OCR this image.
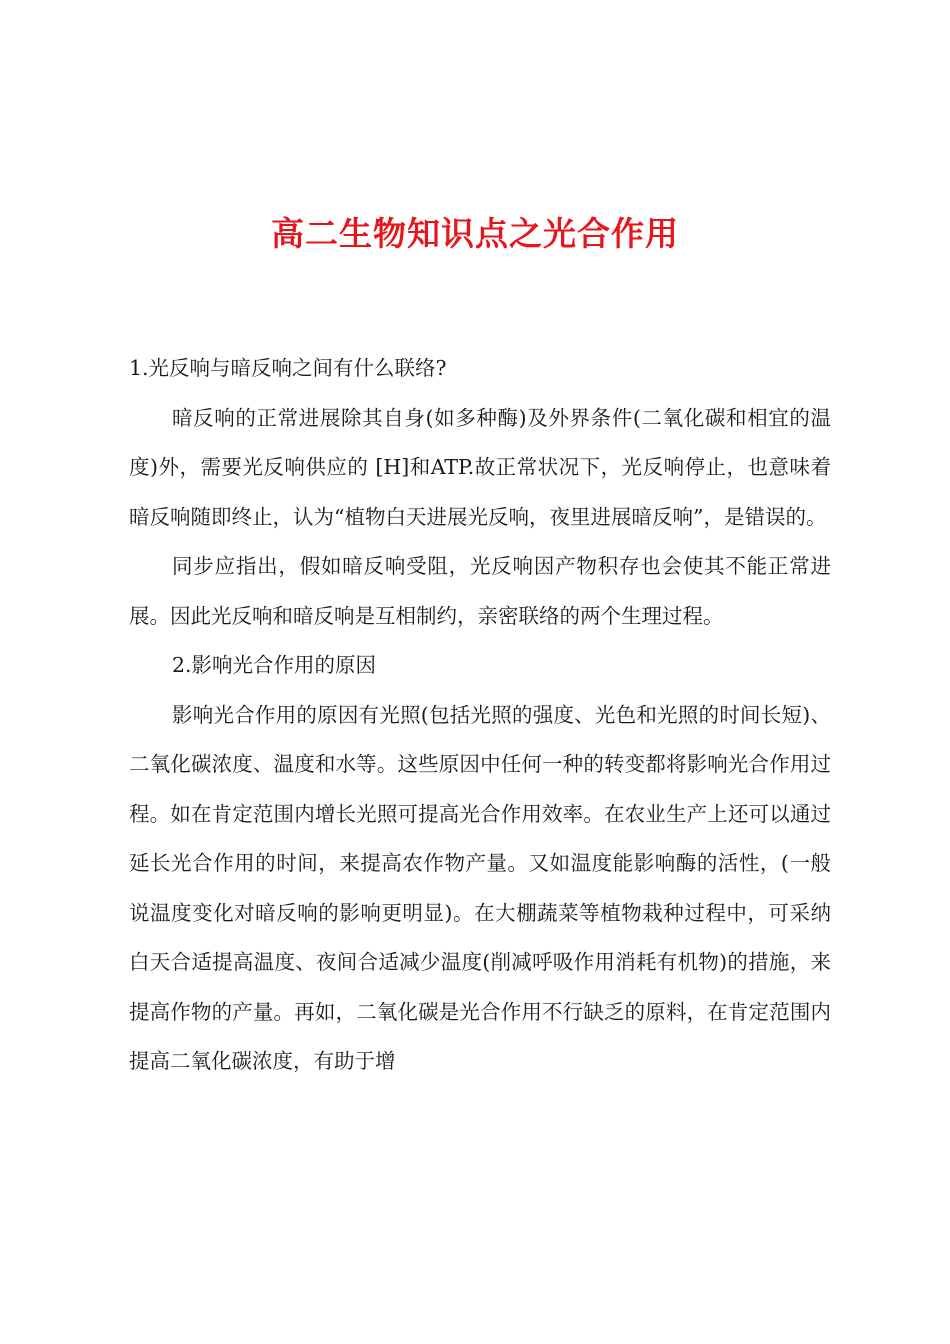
高二生物知识点之光合作用

1.光反响与暗反响之间有什么联络?

暗反响的正常进展除其自身(如多种酶)及外界条件(二氧化碳和相宜的温度)外，需要光反响供应的 [H]和ATP.故正常状况下，光反响停止，也意味着暗反响随即终止，认为“植物白天进展光反响，夜里进展暗反响”，是错误的。

同步应指出，假如暗反响受阻，光反响因产物积存也会使其不能正常进展。因此光反响和暗反响是互相制约，亲密联络的两个生理过程。

2.影响光合作用的原因

影响光合作用的原因有光照(包括光照的强度、光色和光照的时间长短)、二氧化碳浓度、温度和水等。这些原因中任何一种的转变都将影响光合作用过程。如在肯定范围内增长光照可提高光合作用效率。在农业生产上还可以通过延长光合作用的时间，来提高农作物产量。又如温度能影响酶的活性，(一般说温度变化对暗反响的影响更明显)。在大棚蔬菜等植物栽种过程中，可采纳白天合适提高温度、夜间合适减少温度(削减呼吸作用消耗有机物)的措施，来提高作物的产量。再如，二氧化碳是光合作用不行缺乏的原料，在肯定范围内提高二氧化碳浓度，有助于增
